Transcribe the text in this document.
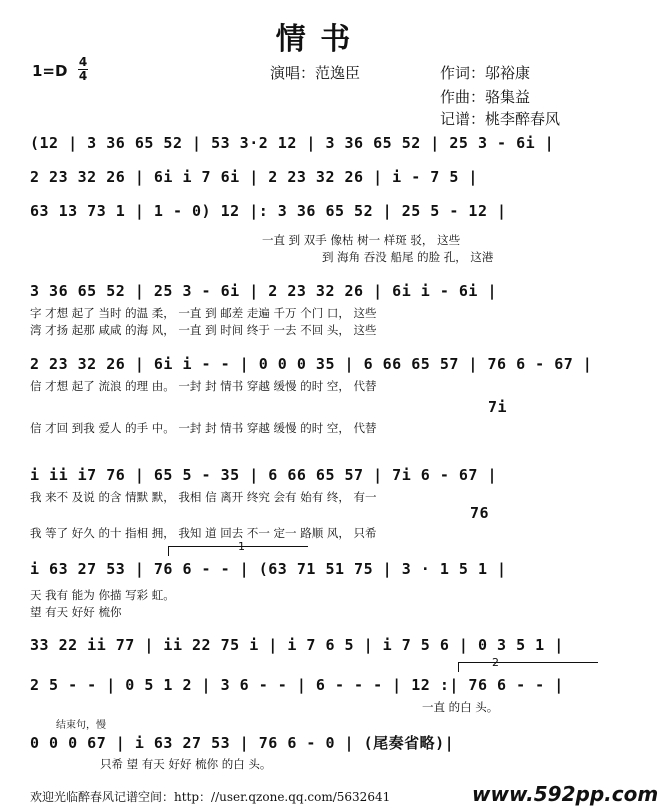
情 书
1=D 4
4	演唱：范逸臣	作词：邬裕康
作曲：骆集益
记谱：桃李醉春风
(12 | 3 36 65 52 | 53 3·2 12 | 3 36 65 52 | 25 3 - 6i |
2 23 32 26 | 6i i 7 6i | 2 23 32 26 | i - 7 5 |
63 13 73 1 | 1 - 0) 12 |: 3 36 65 52 | 25 5 - 12 |
一直 到 双手 像枯 树一 样斑 驳， 这些
到 海角 吞没 船尾 的脸 孔， 这港
3 36 65 52 | 25 3 - 6i | 2 23 32 26 | 6i i - 6i |
字 才想 起了 当时 的温 柔， 一直 到 邮差 走遍 千万 个门 口， 这些
湾 才扬 起那 咸咸 的海 风， 一直 到 时间 终于 一去 不回 头， 这些
2 23 32 26 | 6i i - - | 0 0 0 35 | 6 66 65 57 | 76 6 - 67 |
信 才想 起了 流浪 的理 由。 一封 封 情书 穿越 缓慢 的时 空， 代替
7i
信 才回 到我 爱人 的手 中。 一封 封 情书 穿越 缓慢 的时 空， 代替
i ii i7 76 | 65 5 - 35 | 6 66 65 57 | 7i 6 - 67 |
我 来不 及说 的含 情默 默， 我相 信 离开 终究 会有 始有 终， 有一
76
我 等了 好久 的十 指相 拥， 我知 道 回去 不一 定一 路顺 风， 只希
1
i 63 27 53 | 76 6 - - | (63 71 51 75 | 3 · 1 5 1 |
天 我有 能为 你描 写彩 虹。
望 有天 好好 梳你
33 22 ii 77 | ii 22 75 i | i 7 6 5 | i 7 5 6 | 0 3 5 1 |
2
2 5 - - | 0 5 1 2 | 3 6 - - | 6 - - - | 12 :| 76 6 - - |
一直 的白 头。
结束句，慢
0 0 0 67 | i 63 27 53 | 76 6 - 0 | (尾奏省略)|
只希 望 有天 好好 梳你 的白 头。
欢迎光临醉春风记谱空间：http：//user.qzone.qq.com/5632641	www.592pp.com
